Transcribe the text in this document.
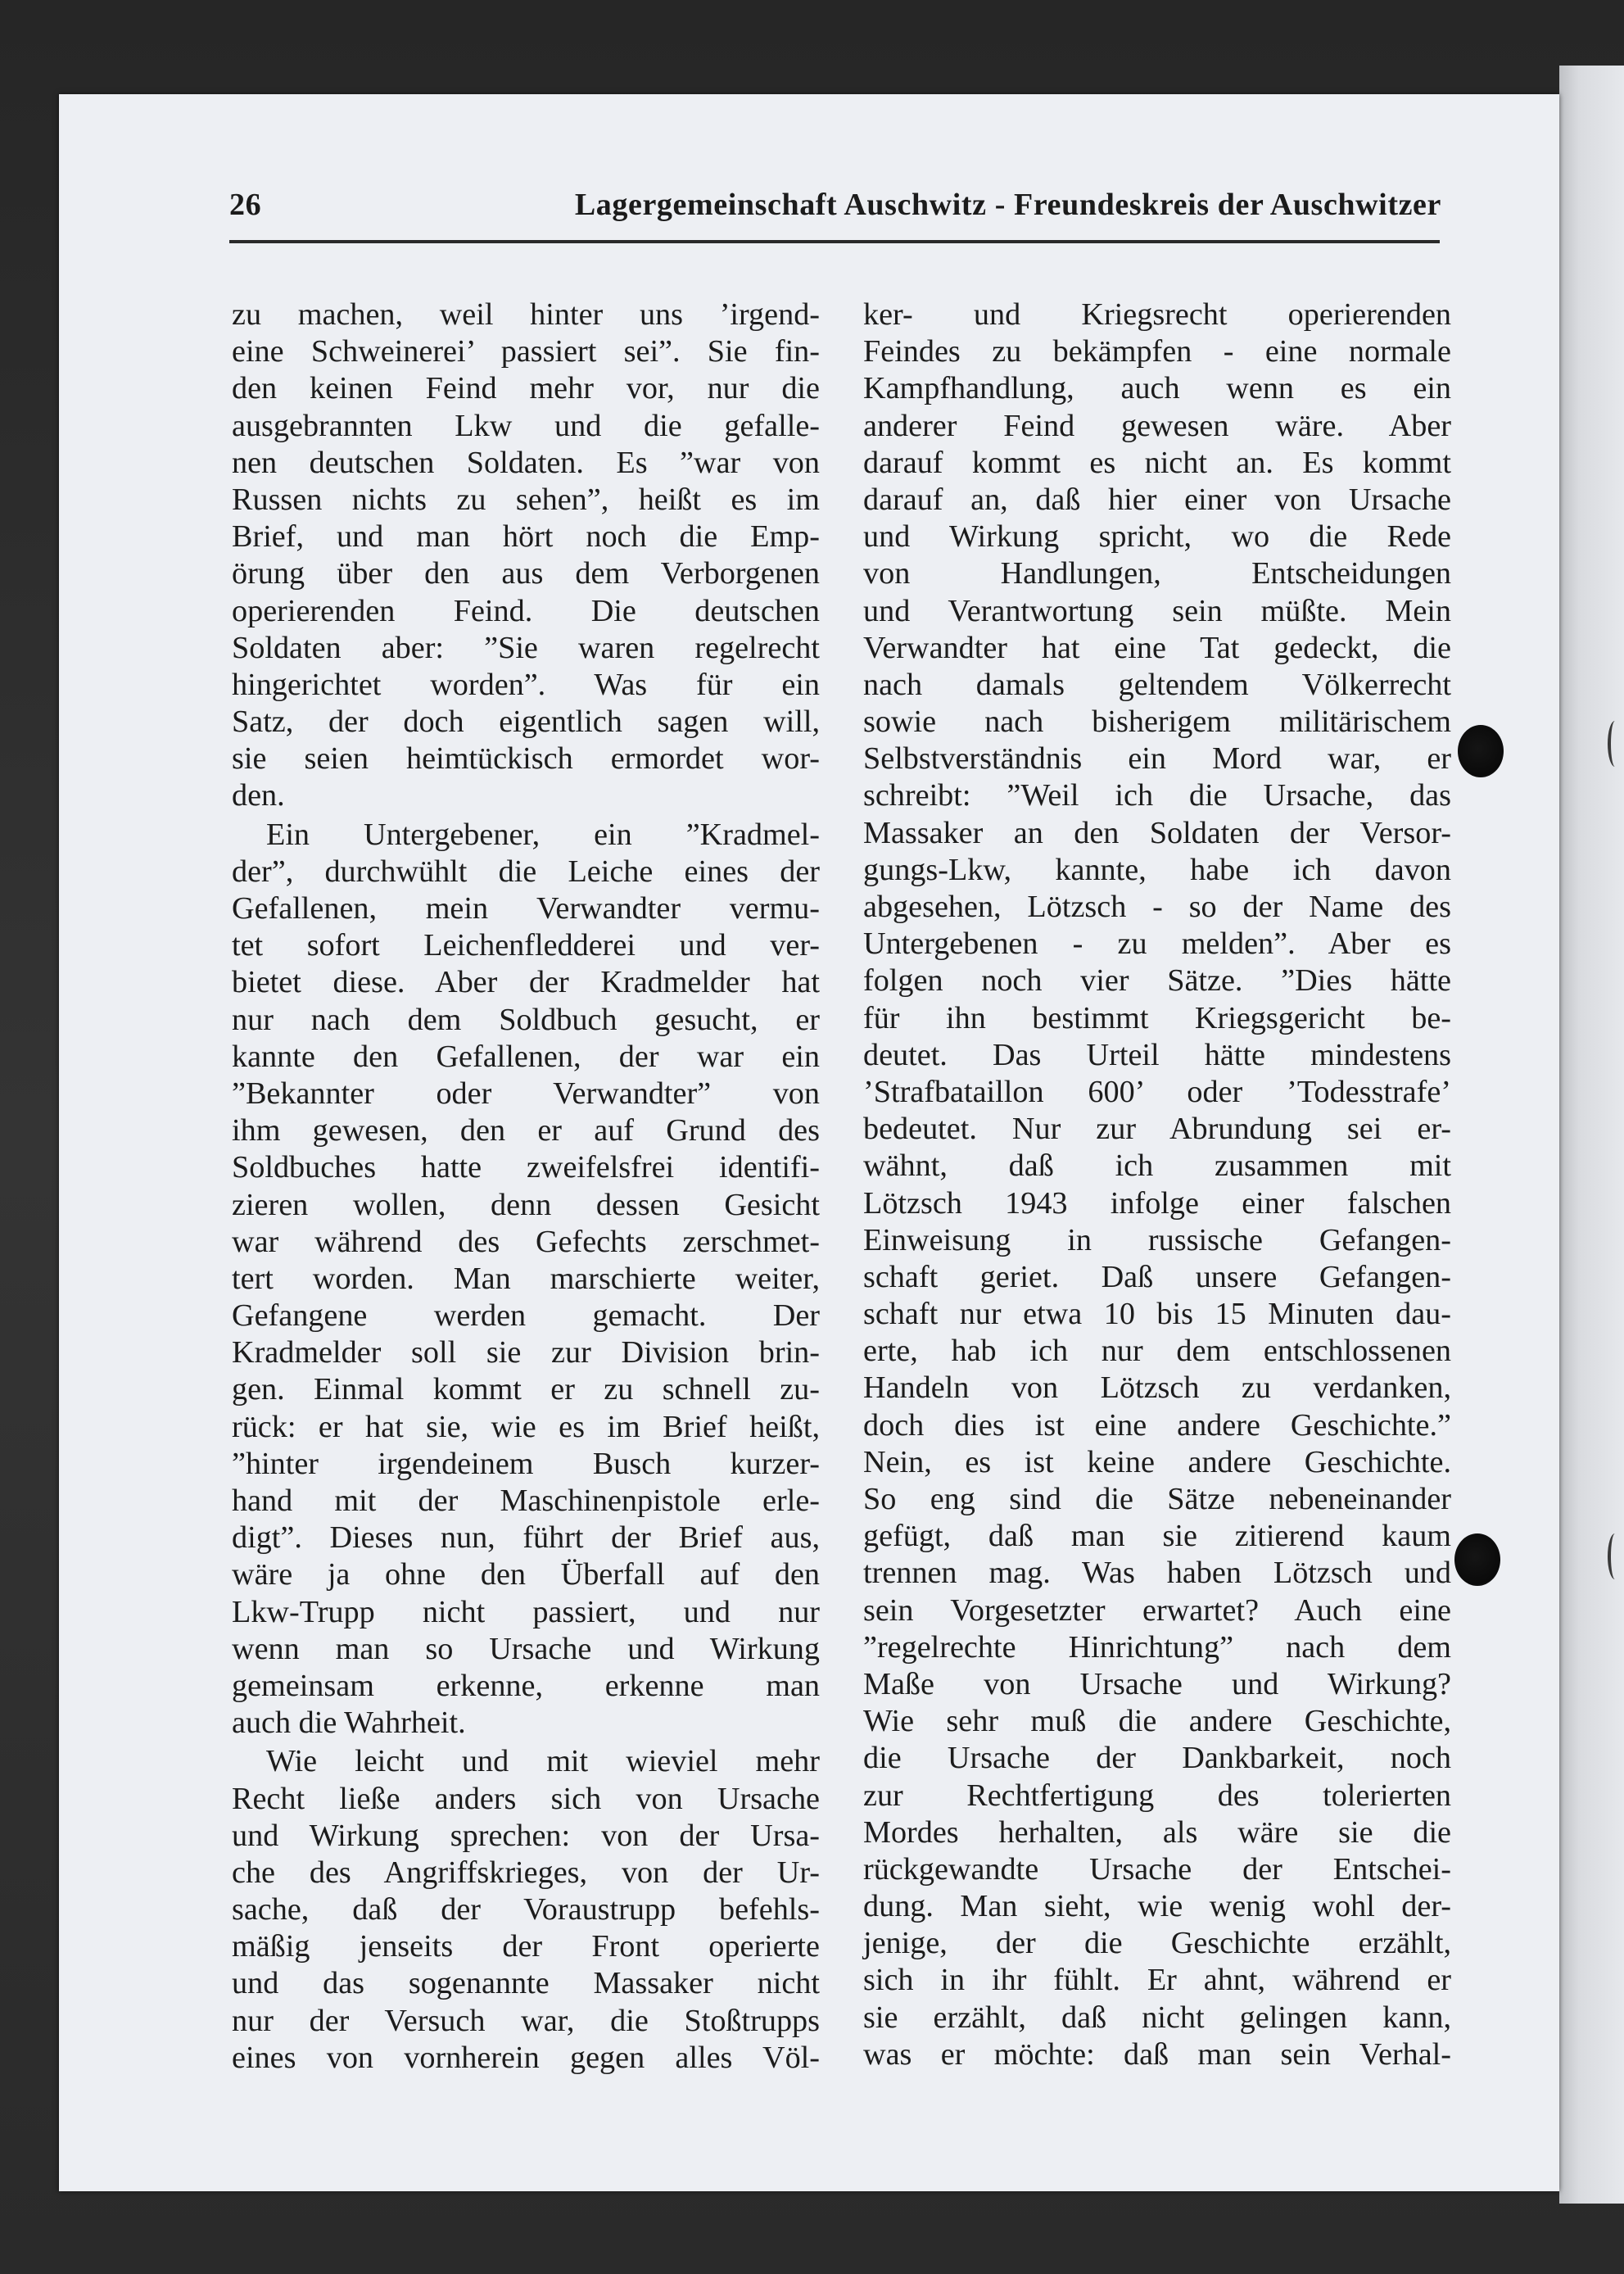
26	Lagergemeinschaft Auschwitz - Freundeskreis der Auschwitzer
zu machen, weil hinter uns ’irgend-
eine Schweinerei’ passiert sei”. Sie fin-
den keinen Feind mehr vor, nur die
ausgebrannten Lkw und die gefalle-
nen deutschen Soldaten. Es ”war von
Russen nichts zu sehen”, heißt es im
Brief, und man hört noch die Emp-
örung über den aus dem Verborgenen
operierenden Feind. Die deutschen
Soldaten aber: ”Sie waren regelrecht
hingerichtet worden”. Was für ein
Satz, der doch eigentlich sagen will,
sie seien heimtückisch ermordet wor-
den.
Ein Untergebener, ein ”Kradmel-
der”, durchwühlt die Leiche eines der
Gefallenen, mein Verwandter vermu-
tet sofort Leichenfledderei und ver-
bietet diese. Aber der Kradmelder hat
nur nach dem Soldbuch gesucht, er
kannte den Gefallenen, der war ein
”Bekannter oder Verwandter” von
ihm gewesen, den er auf Grund des
Soldbuches hatte zweifelsfrei identifi-
zieren wollen, denn dessen Gesicht
war während des Gefechts zerschmet-
tert worden. Man marschierte weiter,
Gefangene werden gemacht. Der
Kradmelder soll sie zur Division brin-
gen. Einmal kommt er zu schnell zu-
rück: er hat sie, wie es im Brief heißt,
”hinter irgendeinem Busch kurzer-
hand mit der Maschinenpistole erle-
digt”. Dieses nun, führt der Brief aus,
wäre ja ohne den Überfall auf den
Lkw-Trupp nicht passiert, und nur
wenn man so Ursache und Wirkung
gemeinsam erkenne, erkenne man
auch die Wahrheit.
Wie leicht und mit wieviel mehr
Recht ließe anders sich von Ursache
und Wirkung sprechen: von der Ursa-
che des Angriffskrieges, von der Ur-
sache, daß der Voraustrupp befehls-
mäßig jenseits der Front operierte
und das sogenannte Massaker nicht
nur der Versuch war, die Stoßtrupps
eines von vornherein gegen alles Völ-
ker- und Kriegsrecht operierenden
Feindes zu bekämpfen - eine normale
Kampfhandlung, auch wenn es ein
anderer Feind gewesen wäre. Aber
darauf kommt es nicht an. Es kommt
darauf an, daß hier einer von Ursache
und Wirkung spricht, wo die Rede
von Handlungen, Entscheidungen
und Verantwortung sein müßte. Mein
Verwandter hat eine Tat gedeckt, die
nach damals geltendem Völkerrecht
sowie nach bisherigem militärischem
Selbstverständnis ein Mord war, er
schreibt: ”Weil ich die Ursache, das
Massaker an den Soldaten der Versor-
gungs-Lkw, kannte, habe ich davon
abgesehen, Lötzsch - so der Name des
Untergebenen - zu melden”. Aber es
folgen noch vier Sätze. ”Dies hätte
für ihn bestimmt Kriegsgericht be-
deutet. Das Urteil hätte mindestens
’Strafbataillon 600’ oder ’Todesstrafe’
bedeutet. Nur zur Abrundung sei er-
wähnt, daß ich zusammen mit
Lötzsch 1943 infolge einer falschen
Einweisung in russische Gefangen-
schaft geriet. Daß unsere Gefangen-
schaft nur etwa 10 bis 15 Minuten dau-
erte, hab ich nur dem entschlossenen
Handeln von Lötzsch zu verdanken,
doch dies ist eine andere Geschichte.”
Nein, es ist keine andere Geschichte.
So eng sind die Sätze nebeneinander
gefügt, daß man sie zitierend kaum
trennen mag. Was haben Lötzsch und
sein Vorgesetzter erwartet? Auch eine
”regelrechte Hinrichtung” nach dem
Maße von Ursache und Wirkung?
Wie sehr muß die andere Geschichte,
die Ursache der Dankbarkeit, noch
zur Rechtfertigung des tolerierten
Mordes herhalten, als wäre sie die
rückgewandte Ursache der Entschei-
dung. Man sieht, wie wenig wohl der-
jenige, der die Geschichte erzählt,
sich in ihr fühlt. Er ahnt, während er
sie erzählt, daß nicht gelingen kann,
was er möchte: daß man sein Verhal-
